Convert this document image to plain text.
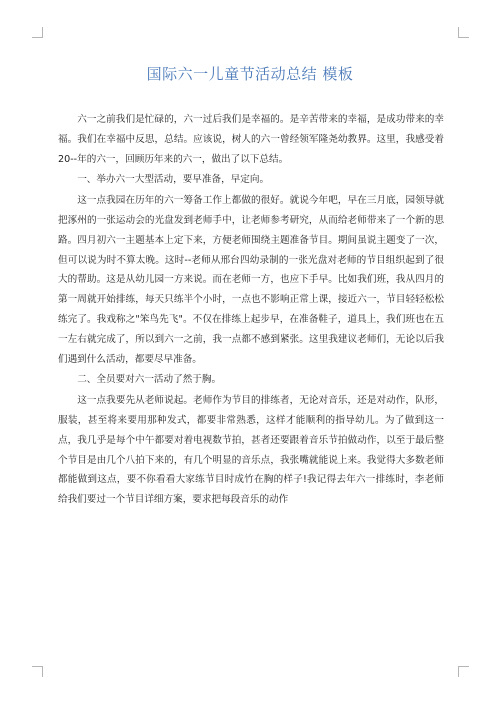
国际六一儿童节活动总结 模板

六一之前我们是忙碌的，六一过后我们是幸福的。是辛苦带来的幸福，是成功带来的幸福。我们在幸福中反思，总结。应该说，树人的六一曾经领军隆尧幼教界。这里，我感受着20--年的六一，回顾历年来的六一，做出了以下总结。

一、举办六一大型活动，要早准备，早定向。

这一点我园在历年的六一筹备工作上都做的很好。就说今年吧，早在三月底，园领导就把涿州的一张运动会的光盘发到老师手中，让老师参考研究，从而给老师带来了一个新的思路。四月初六一主题基本上定下来，方便老师围绕主题准备节目。期间虽说主题变了一次，但可以说为时不算太晚。这时--老师从邢台四幼录制的一张光盘对老师的节目组织起到了很大的帮助。这是从幼儿园一方来说。而在老师一方，也应下手早。比如我们班，我从四月的第一周就开始排练，每天只练半个小时，一点也不影响正常上课，接近六一，节目轻轻松松练完了。我戏称之"笨鸟先飞"。不仅在排练上起步早，在准备鞋子，道具上，我们班也在五一左右就完成了，所以到六一之前，我一点都不感到紧张。这里我建议老师们，无论以后我们遇到什么活动，都要尽早准备。

二、全员要对六一活动了然于胸。

这一点我要先从老师说起。老师作为节目的排练者，无论对音乐，还是对动作，队形，服装，甚至将来要用那种发式，都要非常熟悉，这样才能顺利的指导幼儿。为了做到这一点，我几乎是每个中午都要对着电视数节拍，甚者还要跟着音乐节拍做动作，以至于最后整个节目是由几个八拍下来的，有几个明显的音乐点，我张嘴就能说上来。我觉得大多数老师都能做到这点，要不你看看大家练节目时成竹在胸的样子!我记得去年六一排练时，李老师给我们要过一个节目详细方案，要求把每段音乐的动作
